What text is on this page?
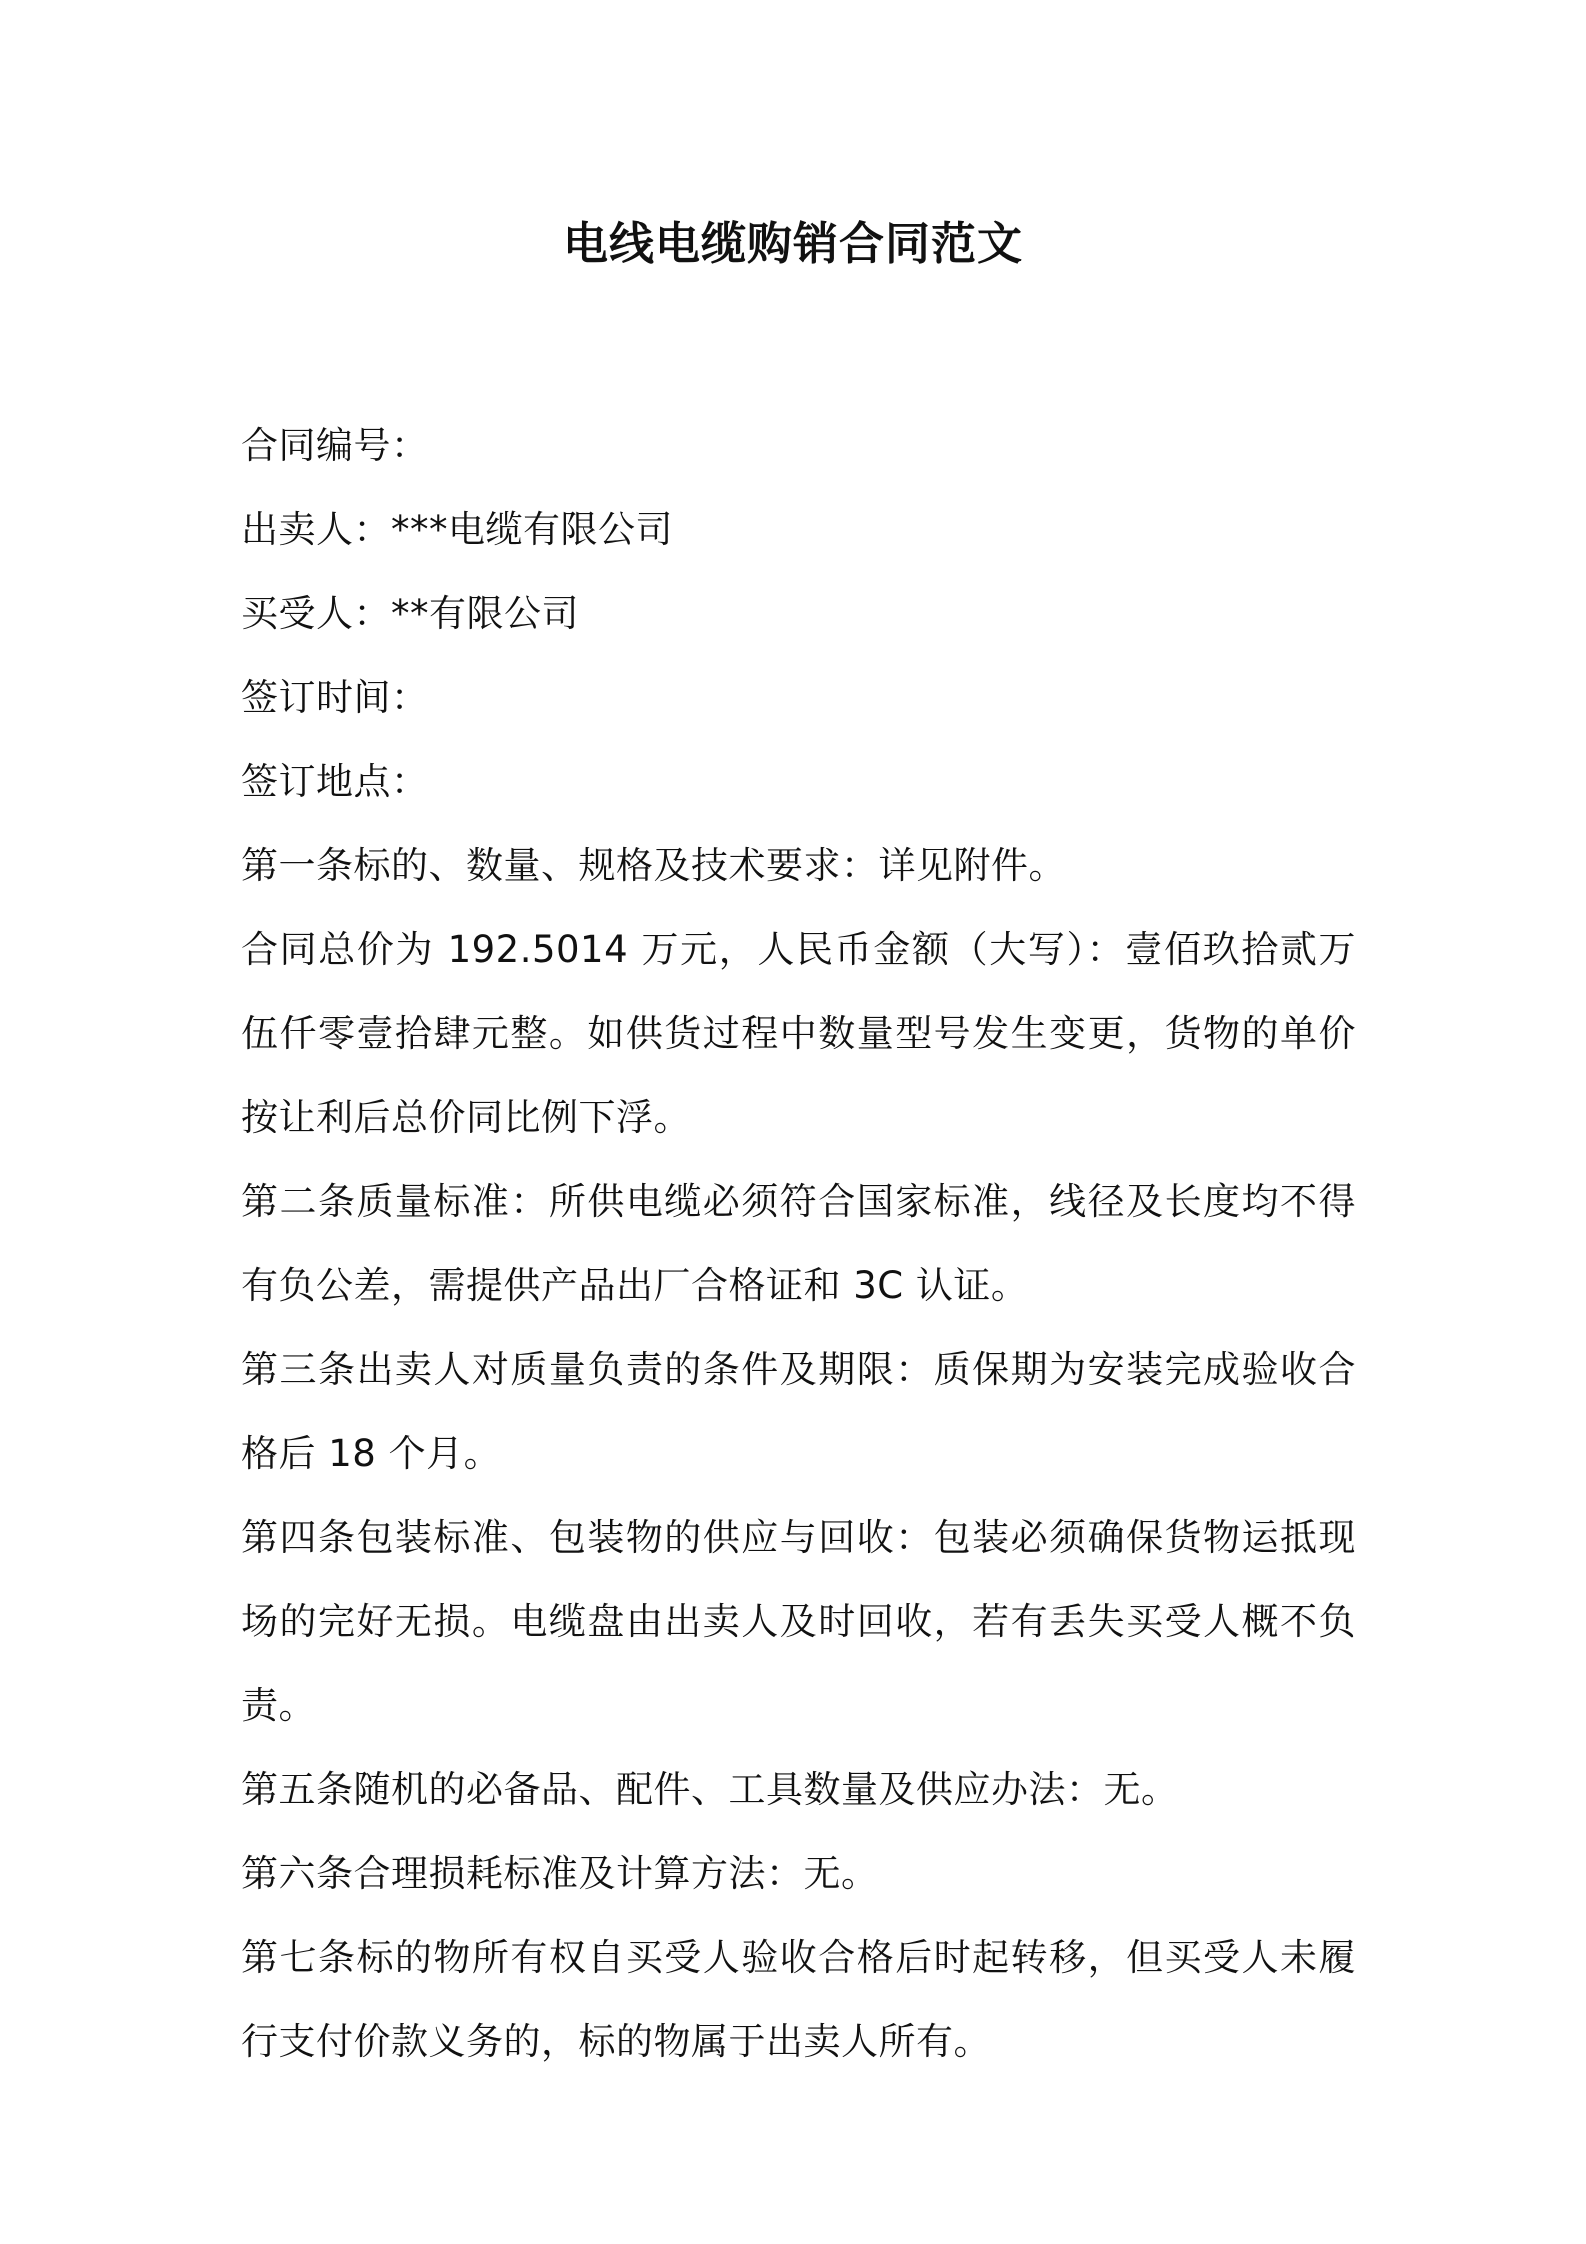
电线电缆购销合同范文

合同编号：

出卖人：***电缆有限公司

买受人：**有限公司

签订时间：

签订地点：

第一条标的、数量、规格及技术要求：详见附件。

合同总价为 192.5014 万元，人民币金额（大写）：壹佰玖拾贰万伍仟零壹拾肆元整。如供货过程中数量型号发生变更，货物的单价按让利后总价同比例下浮。

第二条质量标准：所供电缆必须符合国家标准，线径及长度均不得有负公差，需提供产品出厂合格证和 3C 认证。

第三条出卖人对质量负责的条件及期限：质保期为安装完成验收合格后 18 个月。

第四条包装标准、包装物的供应与回收：包装必须确保货物运抵现场的完好无损。电缆盘由出卖人及时回收，若有丢失买受人概不负责。

第五条随机的必备品、配件、工具数量及供应办法：无。

第六条合理损耗标准及计算方法：无。

第七条标的物所有权自买受人验收合格后时起转移，但买受人未履行支付价款义务的，标的物属于出卖人所有。
